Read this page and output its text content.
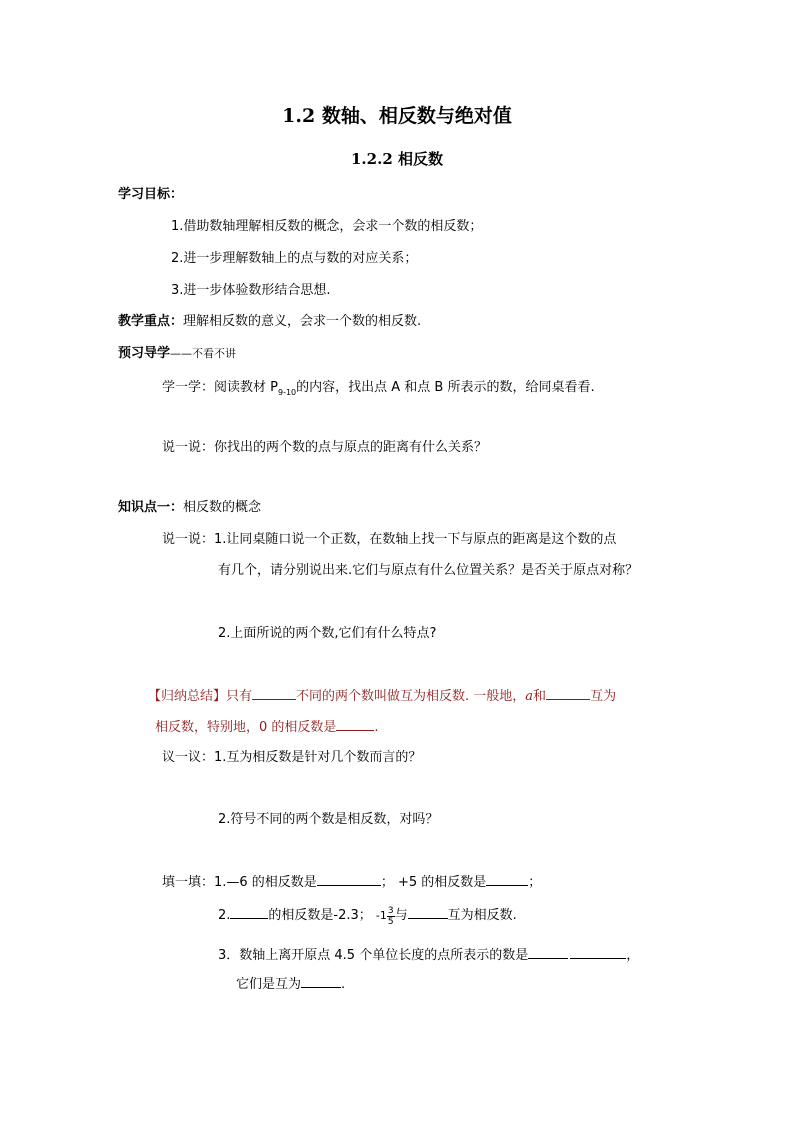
1.2 数轴、相反数与绝对值
1.2.2 相反数
学习目标：
1.借助数轴理解相反数的概念，会求一个数的相反数；
2.进一步理解数轴上的点与数的对应关系；
3.进一步体验数形结合思想.
教学重点：理解相反数的意义，会求一个数的相反数.
预习导学——不看不讲
学一学：阅读教材 $P_{9-10}$的内容，找出点 A 和点 B 所表示的数，给同桌看看.
说一说：你找出的两个数的点与原点的距离有什么关系？
知识点一：相反数的概念
说一说：1.让同桌随口说一个正数，在数轴上找一下与原点的距离是这个数的点
有几个，请分别说出来.它们与原点有什么位置关系？是否关于原点对称？
2.上面所说的两个数,它们有什么特点?
【归纳总结】只有	不同的两个数叫做互为相反数. 一般地，a和	互为
相反数，特别地，0 的相反数是	.
议一议：1.互为相反数是针对几个数而言的？
2.符号不同的两个数是相反数，对吗？
填一填：1.—6 的相反数是	； +5 的相反数是	；
2.	的相反数是-2.3； $-1 \frac{3}{5}$ 与	互为相反数.
3．数轴上离开原点 4.5 个单位长度的点所表示的数是	，
它们是互为	.
